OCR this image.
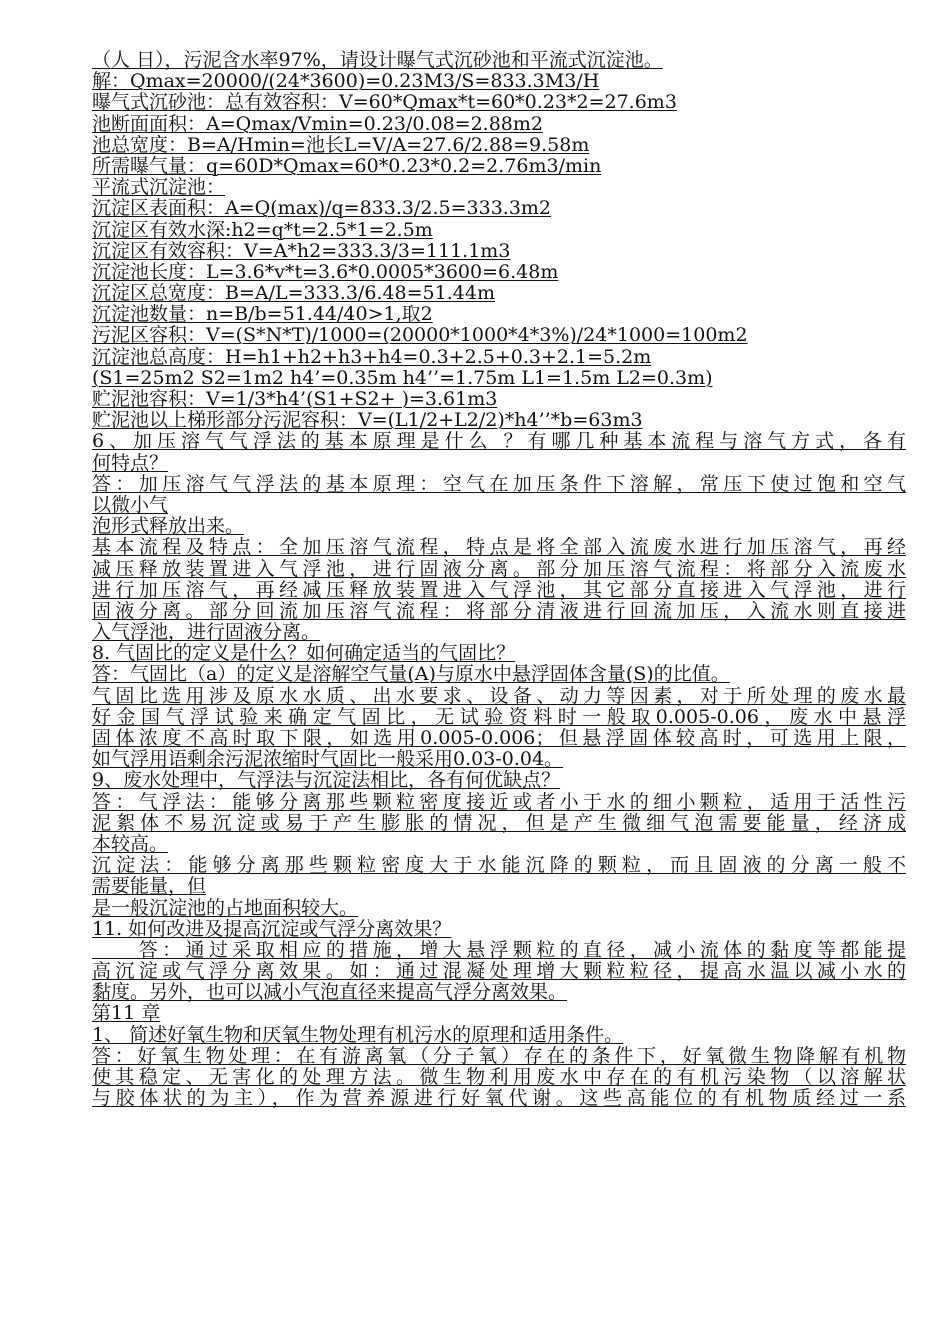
（人 日），污泥含水率97%，请设计曝气式沉砂池和平流式沉淀池。
解：Qmax=20000/(24*3600)=0.23M3/S=833.3M3/H
曝气式沉砂池：总有效容积：V=60*Qmax*t=60*0.23*2=27.6m3
池断面面积：A=Qmax/Vmin=0.23/0.08=2.88m2
池总宽度：B=A/Hmin=池长L=V/A=27.6/2.88=9.58m
所需曝气量：q=60D*Qmax=60*0.23*0.2=2.76m3/min
平流式沉淀池：
沉淀区表面积：A=Q(max)/q=833.3/2.5=333.3m2
沉淀区有效水深:h2=q*t=2.5*1=2.5m
沉淀区有效容积：V=A*h2=333.3/3=111.1m3
沉淀池长度：L=3.6*v*t=3.6*0.0005*3600=6.48m
沉淀区总宽度：B=A/L=333.3/6.48=51.44m
沉淀池数量：n=B/b=51.44/40>1,取2
污泥区容积：V=(S*N*T)/1000=(20000*1000*4*3%)/24*1000=100m2
沉淀池总高度：H=h1+h2+h3+h4=0.3+2.5+0.3+2.1=5.2m
(S1=25m2 S2=1m2 h4’=0.35m h4’’=1.75m L1=1.5m L2=0.3m)
贮泥池容积：V=1/3*h4’(S1+S2+ )=3.61m3
贮泥池以上梯形部分污泥容积：V=(L1/2+L2/2)*h4’’*b=63m3
6、加压溶气气浮法的基本原理是什么 ？有哪几种基本流程与溶气方式，各有
何特点？
答：加压溶气气浮法的基本原理：空气在加压条件下溶解，常压下使过饱和空气
以微小气
泡形式释放出来。
基本流程及特点：全加压溶气流程，特点是将全部入流废水进行加压溶气，再经
减压释放装置进入气浮池，进行固液分离。部分加压溶气流程：将部分入流废水
进行加压溶气，再经减压释放装置进入气浮池，其它部分直接进入气浮池，进行
固液分离。部分回流加压溶气流程：将部分清液进行回流加压，入流水则直接进
入气浮池，进行固液分离。
8. 气固比的定义是什么？如何确定适当的气固比？
答：气固比（a）的定义是溶解空气量(A)与原水中悬浮固体含量(S)的比值。
气固比选用涉及原水水质、出水要求、设备、动力等因素，对于所处理的废水最
好金国气浮试验来确定气固比，无试验资料时一般取0.005-0.06，废水中悬浮
固体浓度不高时取下限，如选用0.005-0.006；但悬浮固体较高时，可选用上限，
如气浮用语剩余污泥浓缩时气固比一般采用0.03-0.04。
9、废水处理中，气浮法与沉淀法相比，各有何优缺点？
答：气浮法：能够分离那些颗粒密度接近或者小于水的细小颗粒，适用于活性污
泥絮体不易沉淀或易于产生膨胀的情况，但是产生微细气泡需要能量，经济成
本较高。
沉淀法：能够分离那些颗粒密度大于水能沉降的颗粒，而且固液的分离一般不
需要能量，但
是一般沉淀池的占地面积较大。
11. 如何改进及提高沉淀或气浮分离效果？
　　答：通过采取相应的措施，增大悬浮颗粒的直径，减小流体的黏度等都能提
高沉淀或气浮分离效果。如：通过混凝处理增大颗粒粒径，提高水温以减小水的
黏度。另外，也可以减小气泡直径来提高气浮分离效果。
第11 章
1、 简述好氧生物和厌氧生物处理有机污水的原理和适用条件。
答：好氧生物处理：在有游离氧（分子氧）存在的条件下，好氧微生物降解有机物
使其稳定、无害化的处理方法。微生物利用废水中存在的有机污染物（以溶解状
与胶体状的为主），作为营养源进行好氧代谢。这些高能位的有机物质经过一系
